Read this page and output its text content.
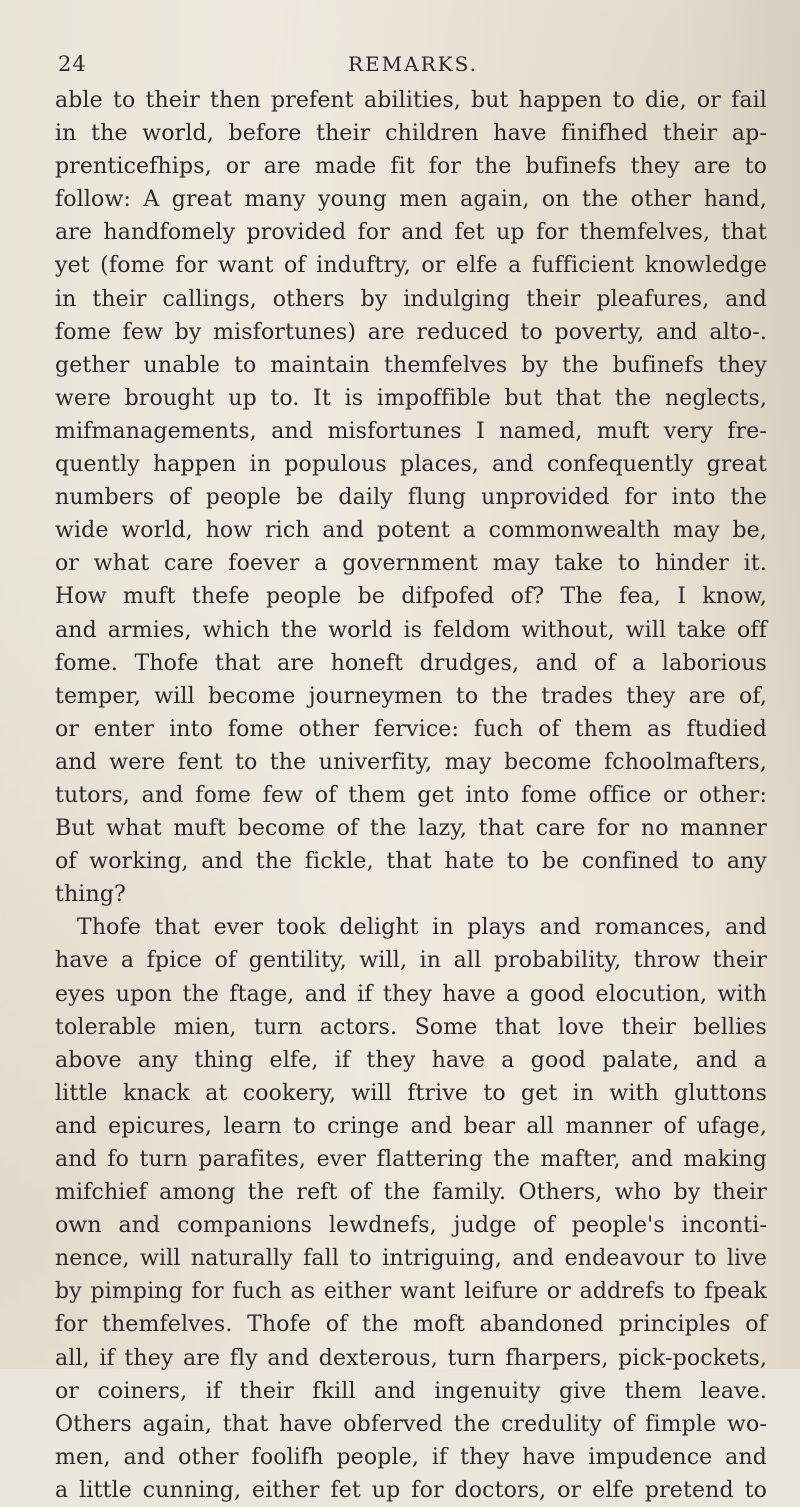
24	REMARKS.
able to their then prefent abilities, but happen to die, or fail
in the world, before their children have finifhed their ap-
prenticefhips, or are made fit for the bufinefs they are to
follow: A great many young men again, on the other hand,
are handfomely provided for and fet up for themfelves, that
yet (fome for want of induftry, or elfe a fufficient knowledge
in their callings, others by indulging their pleafures, and
fome few by misfortunes) are reduced to poverty, and alto-.
gether unable to maintain themfelves by the bufinefs they
were brought up to. It is impoffible but that the neglects,
mifmanagements, and misfortunes I named, muft very fre-
quently happen in populous places, and confequently great
numbers of people be daily flung unprovided for into the
wide world, how rich and potent a commonwealth may be,
or what care foever a government may take to hinder it.
How muft thefe people be difpofed of? The fea, I know,
and armies, which the world is feldom without, will take off
fome. Thofe that are honeft drudges, and of a laborious
temper, will become journeymen to the trades they are of,
or enter into fome other fervice: fuch of them as ftudied
and were fent to the univerfity, may become fchoolmafters,
tutors, and fome few of them get into fome office or other:
But what muft become of the lazy, that care for no manner
of working, and the fickle, that hate to be confined to any
thing?
Thofe that ever took delight in plays and romances, and
have a fpice of gentility, will, in all probability, throw their
eyes upon the ftage, and if they have a good elocution, with
tolerable mien, turn actors. Some that love their bellies
above any thing elfe, if they have a good palate, and a
little knack at cookery, will ftrive to get in with gluttons
and epicures, learn to cringe and bear all manner of ufage,
and fo turn parafites, ever flattering the mafter, and making
mifchief among the reft of the family. Others, who by their
own and companions lewdnefs, judge of people's inconti-
nence, will naturally fall to intriguing, and endeavour to live
by pimping for fuch as either want leifure or addrefs to fpeak
for themfelves. Thofe of the moft abandoned principles of
all, if they are fly and dexterous, turn fharpers, pick-pockets,
or coiners, if their fkill and ingenuity give them leave.
Others again, that have obferved the credulity of fimple wo-
men, and other foolifh people, if they have impudence and
a little cunning, either fet up for doctors, or elfe pretend to
